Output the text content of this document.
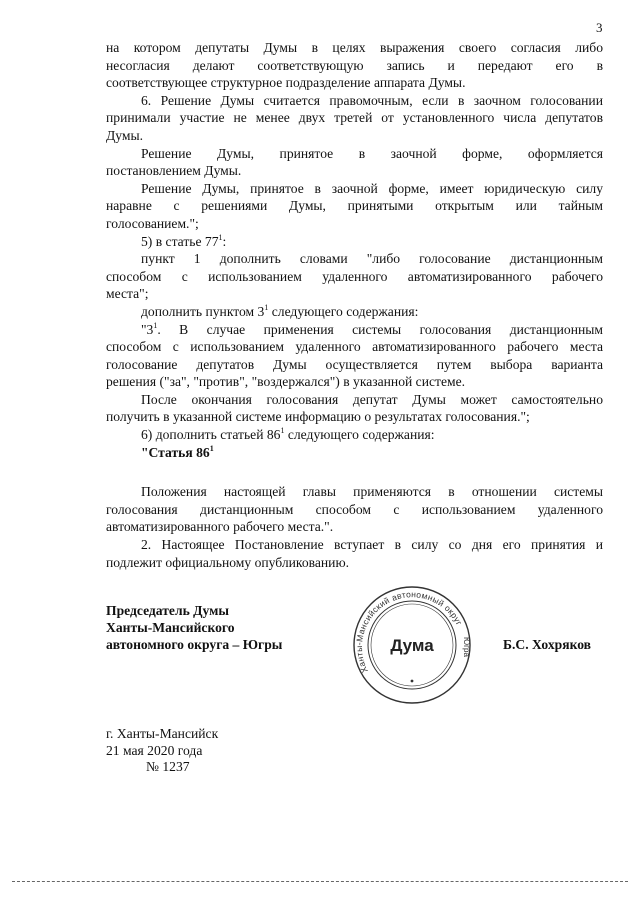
3

на котором депутаты Думы в целях выражения своего согласия либо

несогласия делают соответствующую запись и передают его в

соответствующее структурное подразделение аппарата Думы.

6. Решение Думы считается правомочным, если в заочном голосовании

принимали участие не менее двух третей от установленного числа депутатов

Думы.

Решение Думы, принятое в заочной форме, оформляется

постановлением Думы.

Решение Думы, принятое в заочной форме, имеет юридическую силу

наравне с решениями Думы, принятыми открытым или тайным

голосованием.";

5) в статье $77^1$:

пункт 1 дополнить словами "либо голосование дистанционным

способом с использованием удаленного автоматизированного рабочего

места";

дополнить пунктом $3^1$ следующего содержания:

"$3^1$. В случае применения системы голосования дистанционным

способом с использованием удаленного автоматизированного рабочего места

голосование депутатов Думы осуществляется путем выбора варианта

решения ("за", "против", "воздержался") в указанной системе.

После окончания голосования депутат Думы может самостоятельно

получить в указанной системе информацию о результатах голосования.";

6) дополнить статьей $86^1$ следующего содержания:

"Статья $86^1$

Положения настоящей главы применяются в отношении системы

голосования дистанционным способом с использованием удаленного

автоматизированного рабочего места.".

2. Настоящее Постановление вступает в силу со дня его принятия и

подлежит официальному опубликованию.

Председатель Думы
Ханты-Мансийского
автономного округа – Югры
Ханты-Мансийский автономный округ
Югра
Дума	Б.С. Хохряков
г. Ханты-Мансийск
21 мая 2020 года
№ 1237
